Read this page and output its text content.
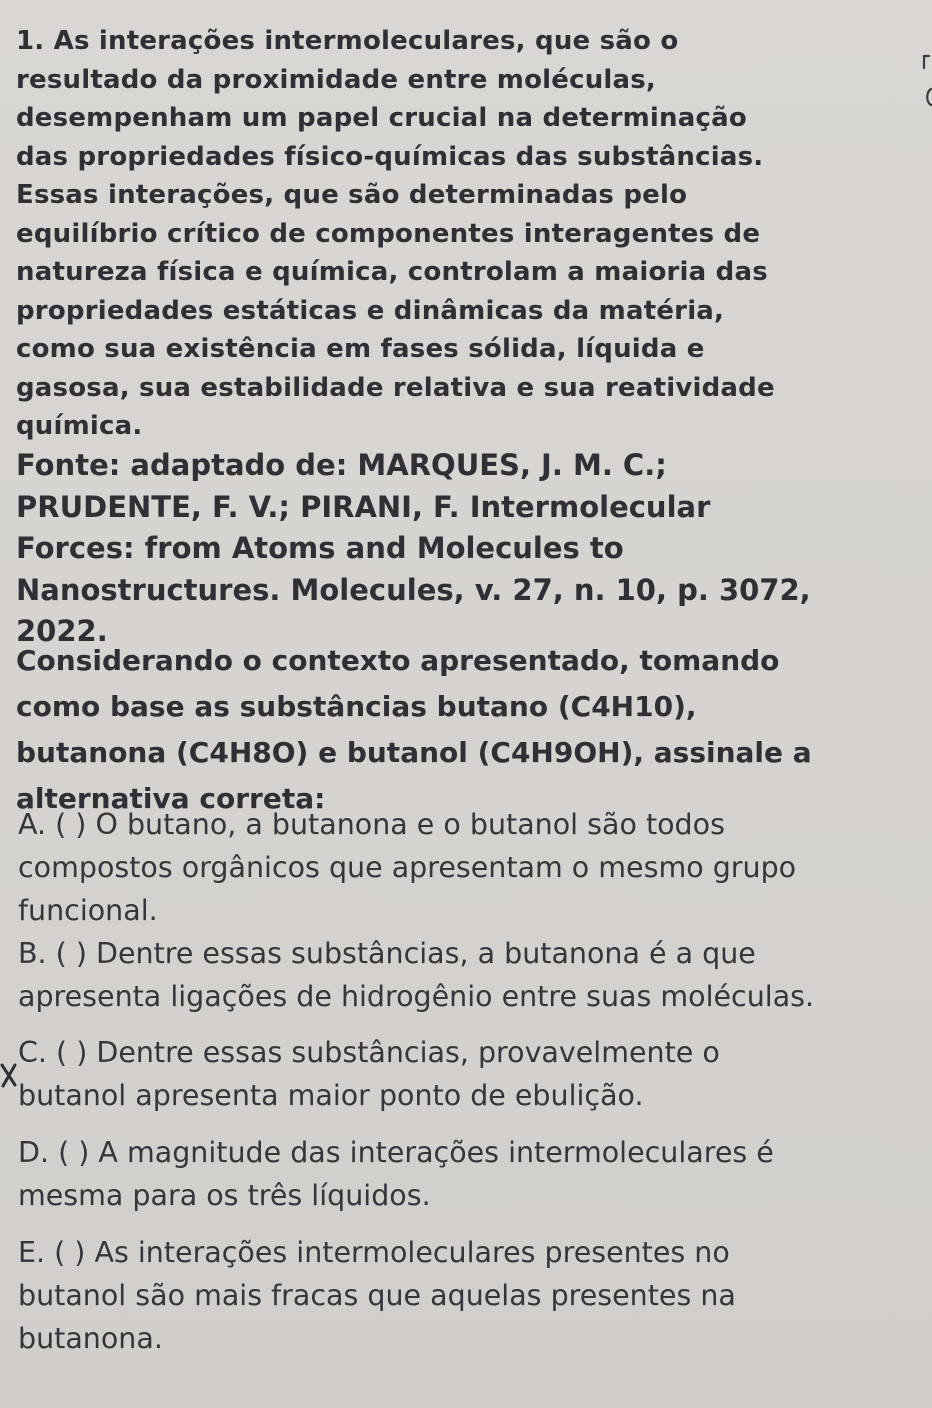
1. As interações intermoleculares, que são o
resultado da proximidade entre moléculas,
desempenham um papel crucial na determinação
das propriedades físico-químicas das substâncias.
Essas interações, que são determinadas pelo
equilíbrio crítico de componentes interagentes de
natureza física e química, controlam a maioria das
propriedades estáticas e dinâmicas da matéria,
como sua existência em fases sólida, líquida e
gasosa, sua estabilidade relativa e sua reatividade
química.
Fonte: adaptado de: MARQUES, J. M. C.;
PRUDENTE, F. V.; PIRANI, F. Intermolecular
Forces: from Atoms and Molecules to
Nanostructures. Molecules, v. 27, n. 10, p. 3072,
2022.
Considerando o contexto apresentado, tomando
como base as substâncias butano (C4H10),
butanona (C4H8O) e butanol (C4H9OH), assinale a
alternativa correta:
A. ( ) O butano, a butanona e o butanol são todos
compostos orgânicos que apresentam o mesmo grupo
funcional.
B. ( ) Dentre essas substâncias, a butanona é a que
apresenta ligações de hidrogênio entre suas moléculas.
C. ( ) Dentre essas substâncias, provavelmente o
butanol apresenta maior ponto de ebulição.
D. ( ) A magnitude das interações intermoleculares é
mesma para os três líquidos.
E. ( ) As interações intermoleculares presentes no
butanol são mais fracas que aquelas presentes na
butanona.
